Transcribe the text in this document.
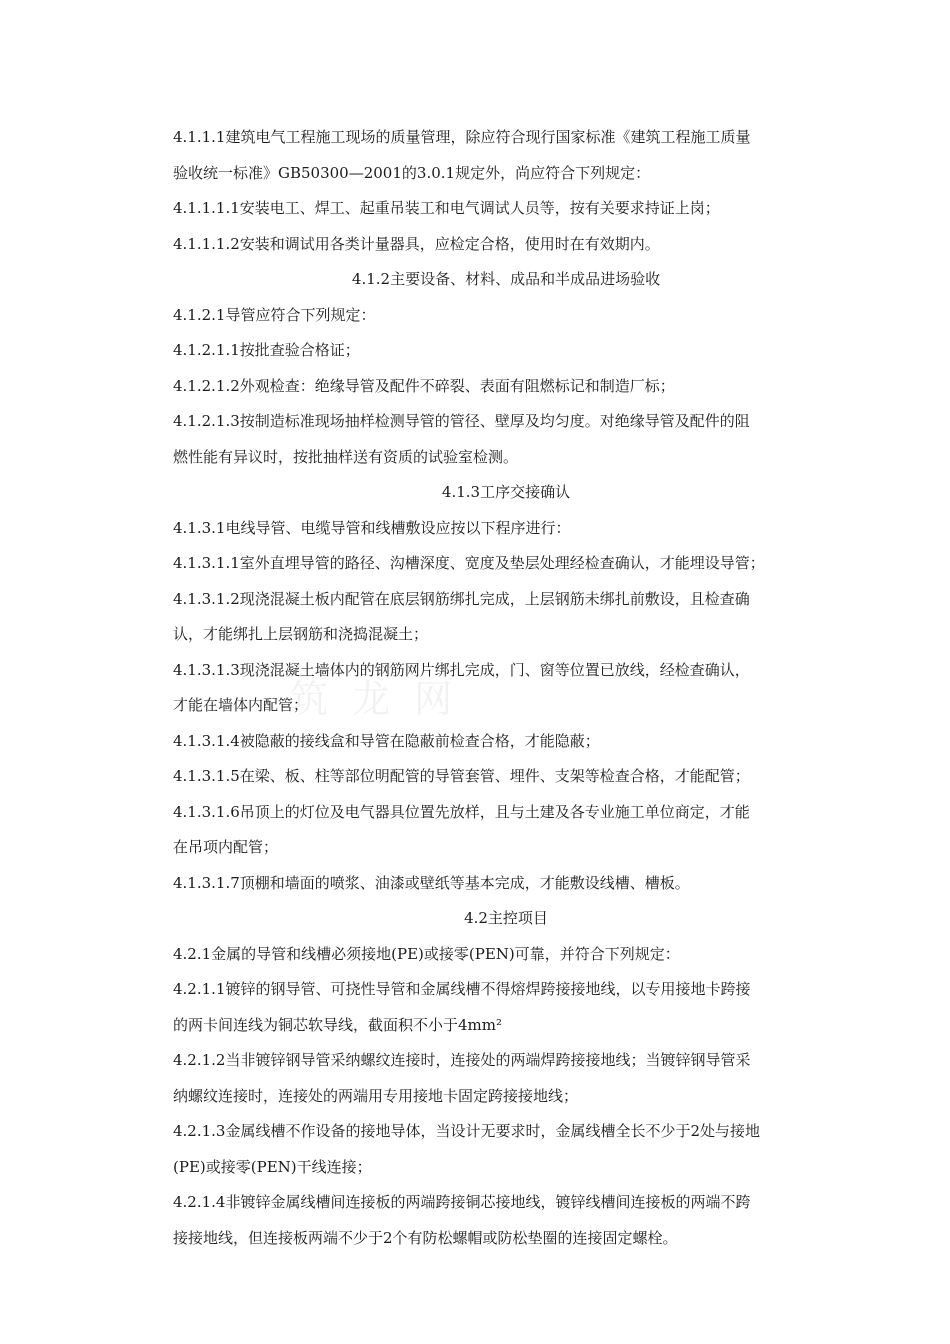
筑 龙 网
4.1.1.1建筑电气工程施工现场的质量管理，除应符合现行国家标准《建筑工程施工质量
验收统一标准》GB50300—2001的3.0.1规定外，尚应符合下列规定：
4.1.1.1.1安装电工、焊工、起重吊装工和电气调试人员等，按有关要求持证上岗；
4.1.1.1.2安装和调试用各类计量器具，应检定合格，使用时在有效期内。
4.1.2主要设备、材料、成品和半成品进场验收
4.1.2.1导管应符合下列规定：
4.1.2.1.1按批查验合格证；
4.1.2.1.2外观检查：绝缘导管及配件不碎裂、表面有阻燃标记和制造厂标；
4.1.2.1.3按制造标准现场抽样检测导管的管径、壁厚及均匀度。对绝缘导管及配件的阻
燃性能有异议时，按批抽样送有资质的试验室检测。
4.1.3工序交接确认
4.1.3.1电线导管、电缆导管和线槽敷设应按以下程序进行：
4.1.3.1.1室外直埋导管的路径、沟槽深度、宽度及垫层处理经检查确认，才能埋设导管；
4.1.3.1.2现浇混凝土板内配管在底层钢筋绑扎完成，上层钢筋未绑扎前敷设，且检查确
认，才能绑扎上层钢筋和浇捣混凝土；
4.1.3.1.3现浇混凝土墙体内的钢筋网片绑扎完成，门、窗等位置已放线，经检查确认，
才能在墙体内配管；
4.1.3.1.4被隐蔽的接线盒和导管在隐蔽前检查合格，才能隐蔽；
4.1.3.1.5在梁、板、柱等部位明配管的导管套管、埋件、支架等检查合格，才能配管；
4.1.3.1.6吊顶上的灯位及电气器具位置先放样，且与土建及各专业施工单位商定，才能
在吊项内配管；
4.1.3.1.7顶棚和墙面的喷浆、油漆或壁纸等基本完成，才能敷设线槽、槽板。
4.2主控项目
4.2.1金属的导管和线槽必须接地(PE)或接零(PEN)可靠，并符合下列规定：
4.2.1.1镀锌的钢导管、可挠性导管和金属线槽不得熔焊跨接接地线，以专用接地卡跨接
的两卡间连线为铜芯软导线，截面积不小于4mm²
4.2.1.2当非镀锌钢导管采纳螺纹连接时，连接处的两端焊跨接接地线；当镀锌钢导管采
纳螺纹连接时，连接处的两端用专用接地卡固定跨接接地线；
4.2.1.3金属线槽不作设备的接地导体，当设计无要求时，金属线槽全长不少于2处与接地
(PE)或接零(PEN)干线连接；
4.2.1.4非镀锌金属线槽间连接板的两端跨接铜芯接地线，镀锌线槽间连接板的两端不跨
接接地线，但连接板两端不少于2个有防松螺帽或防松垫圈的连接固定螺栓。
